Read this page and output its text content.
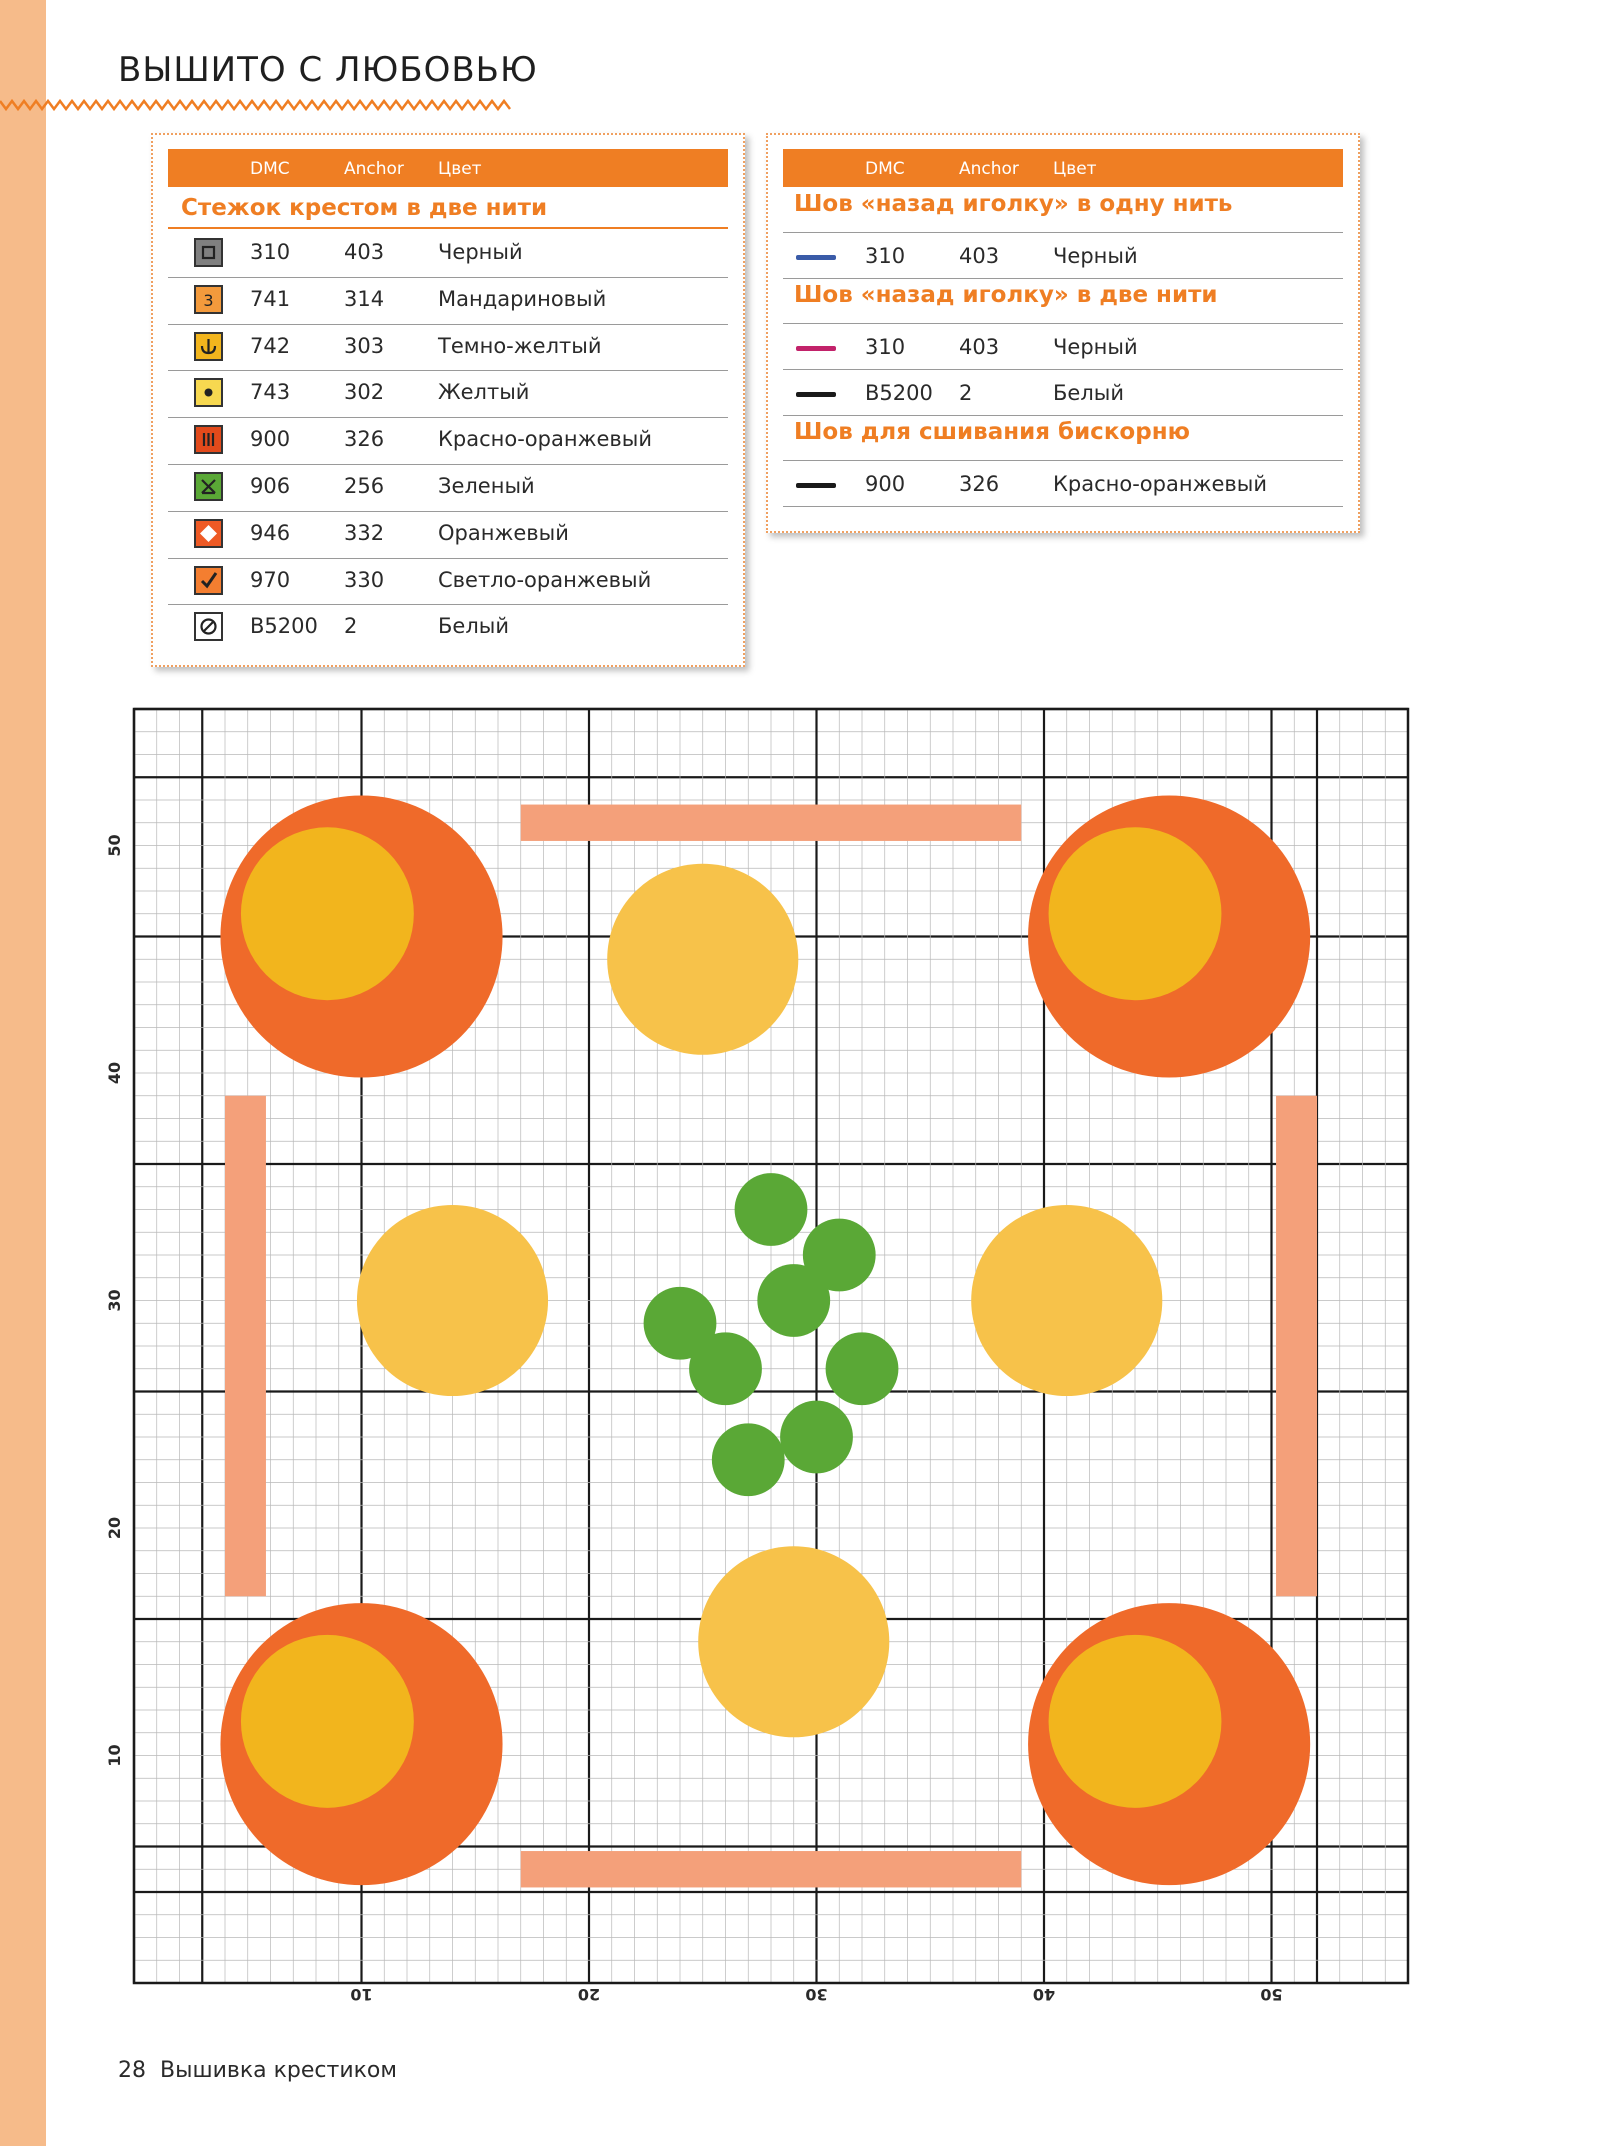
ВЫШИТО С ЛЮБОВЬЮ
DMC	Anchor Цвет
Стежок крестом в две нити
310	403	Черный
3 741	314	Мандариновый
742	303	Темно-желтый
743	302	Желтый
900	326	Красно-оранжевый
906	256	Зеленый
946	332	Оранжевый
970	330	Светло-оранжевый
B5200 2	Белый
DMC	Anchor Цвет
Шов «назад иголку» в одну нить
310	403	Черный
Шов «назад иголку» в две нити
310	403	Черный
B5200 2	Белый
Шов для сшивания бискорню
900	326	Красно-оранжевый
10	20	30	40	50
50
40
30
20
10
28 Вышивка крестиком
